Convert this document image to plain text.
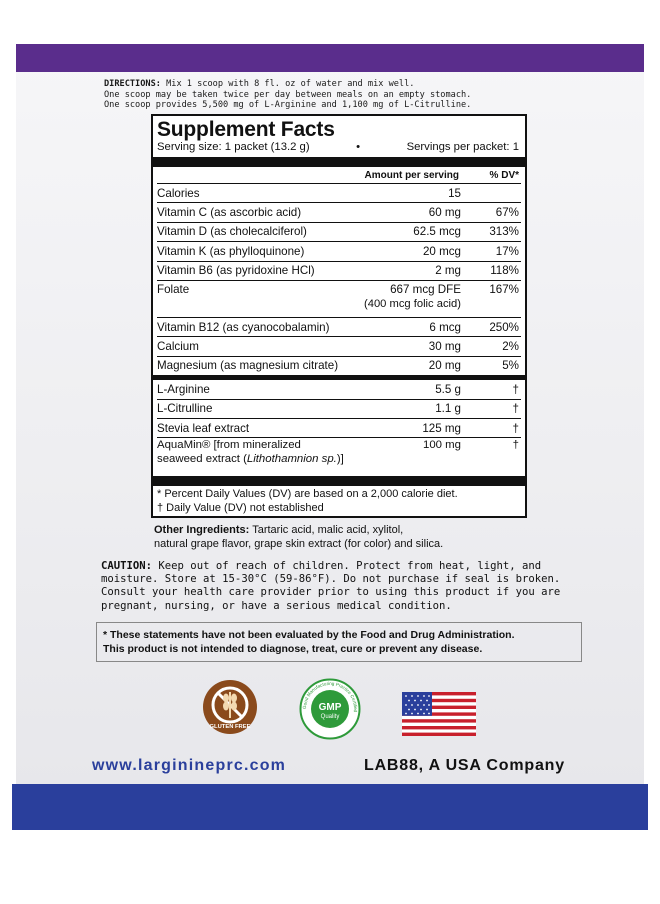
DIRECTIONS: Mix 1 scoop with 8 fl. oz of water and mix well.
One scoop may be taken twice per day between meals on an empty stomach.
One scoop provides 5,500 mg of L-Arginine and 1,100 mg of L-Citrulline.
Supplement Facts
Serving size: 1 packet (13.2 g)	•	Servings per packet: 1
Amount per serving	% DV*
Calories	15
Vitamin C (as ascorbic acid)	60 mg	67%
Vitamin D (as cholecalciferol)	62.5 mcg	313%
Vitamin K (as phylloquinone)	20 mcg	17%
Vitamin B6 (as pyridoxine HCl)	2 mg	118%
Folate	667 mcg DFE	167%
(400 mcg folic acid)
Vitamin B12 (as cyanocobalamin)	6 mcg	250%
Calcium	30 mg	2%
Magnesium (as magnesium citrate)	20 mg	5%
L-Arginine	5.5 g	†
L-Citrulline	1.1 g	†
Stevia leaf extract	125 mg	†
AquaMin® [from mineralized	100 mg	†
seaweed extract (Lithothamnion sp.)]
* Percent Daily Values (DV) are based on a 2,000 calorie diet.
† Daily Value (DV) not established
Other Ingredients: Tartaric acid, malic acid, xylitol,
natural grape flavor, grape skin extract (for color) and silica.
CAUTION: Keep out of reach of children. Protect from heat, light, and
moisture. Store at 15-30°C (59-86°F). Do not purchase if seal is broken.
Consult your health care provider prior to using this product if you are
pregnant, nursing, or have a serious medical condition.
* These statements have not been evaluated by the Food and Drug Administration.
This product is not intended to diagnose, treat, cure or prevent any disease.
GLUTEN FREE
Good Manufacturing Practice Certified
GMP
Quality
www.larginineprc.com	LAB88, A USA Company
